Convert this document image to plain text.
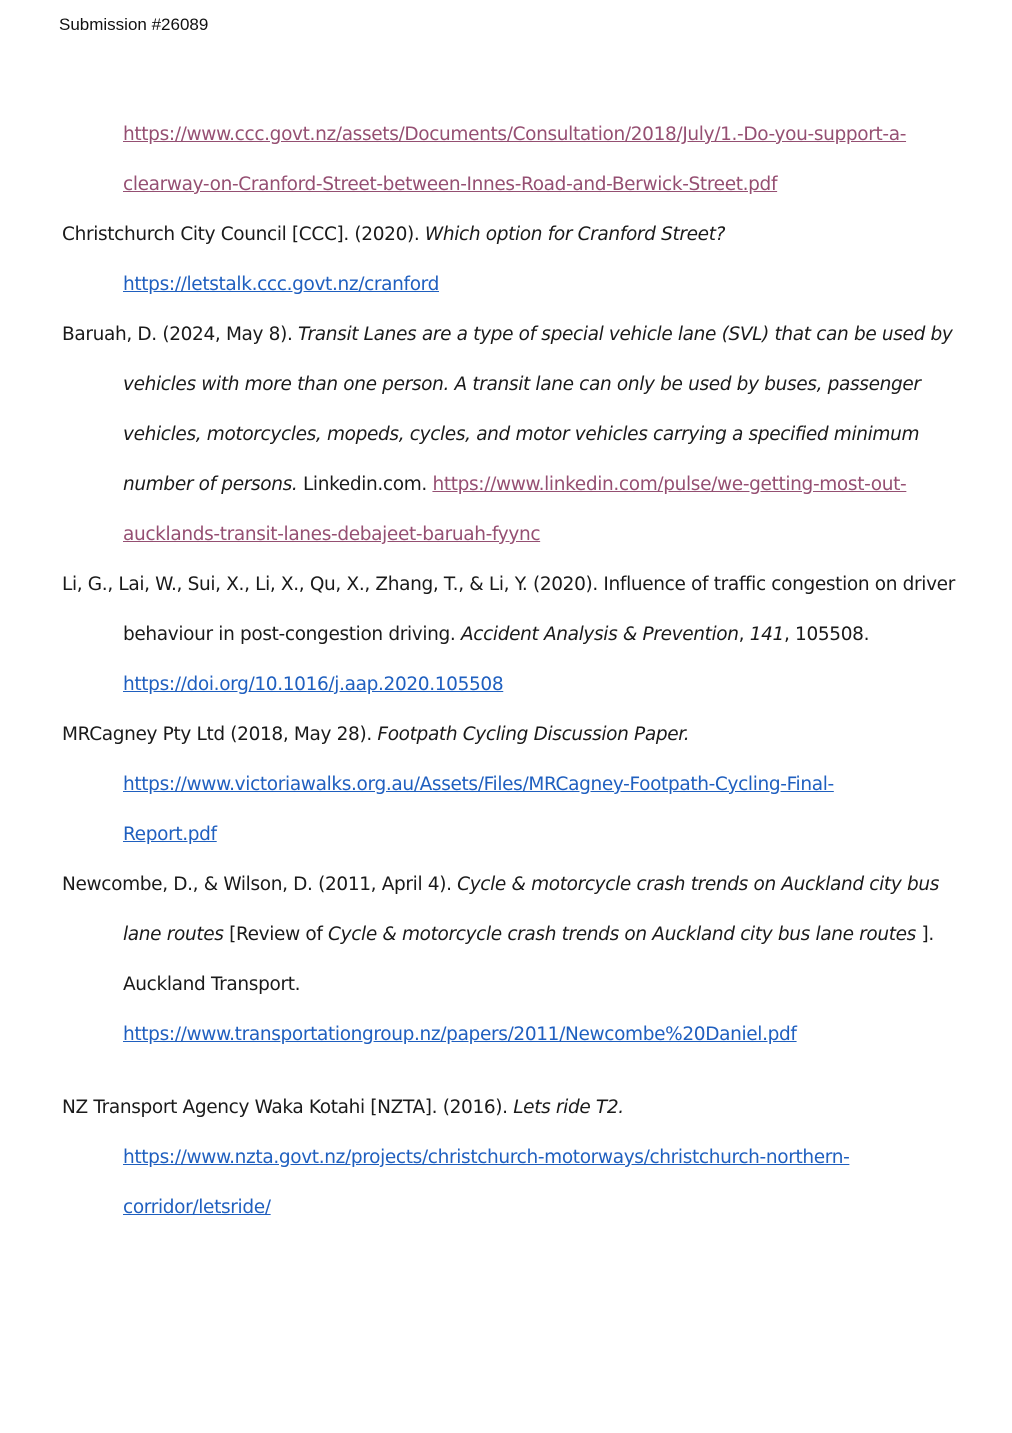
Submission #26089
https://www.ccc.govt.nz/assets/Documents/Consultation/2018/July/1.-Do-you-support-a-
clearway-on-Cranford-Street-between-Innes-Road-and-Berwick-Street.pdf
Christchurch City Council [CCC]. (2020). Which option for Cranford Street?
https://letstalk.ccc.govt.nz/cranford
Baruah, D. (2024, May 8). Transit Lanes are a type of special vehicle lane (SVL) that can be used by
vehicles with more than one person. A transit lane can only be used by buses, passenger
vehicles, motorcycles, mopeds, cycles, and motor vehicles carrying a specified minimum
number of persons. Linkedin.com. https://www.linkedin.com/pulse/we-getting-most-out-
aucklands-transit-lanes-debajeet-baruah-fyync
Li, G., Lai, W., Sui, X., Li, X., Qu, X., Zhang, T., & Li, Y. (2020). Influence of traffic congestion on driver
behaviour in post-congestion driving. Accident Analysis & Prevention, 141, 105508.
https://doi.org/10.1016/j.aap.2020.105508
MRCagney Pty Ltd (2018, May 28). Footpath Cycling Discussion Paper.
https://www.victoriawalks.org.au/Assets/Files/MRCagney-Footpath-Cycling-Final-
Report.pdf
Newcombe, D., & Wilson, D. (2011, April 4). Cycle & motorcycle crash trends on Auckland city bus
lane routes [Review of Cycle & motorcycle crash trends on Auckland city bus lane routes ].
Auckland Transport.
https://www.transportationgroup.nz/papers/2011/Newcombe%20Daniel.pdf
NZ Transport Agency Waka Kotahi [NZTA]. (2016). Lets ride T2.
https://www.nzta.govt.nz/projects/christchurch-motorways/christchurch-northern-
corridor/letsride/
